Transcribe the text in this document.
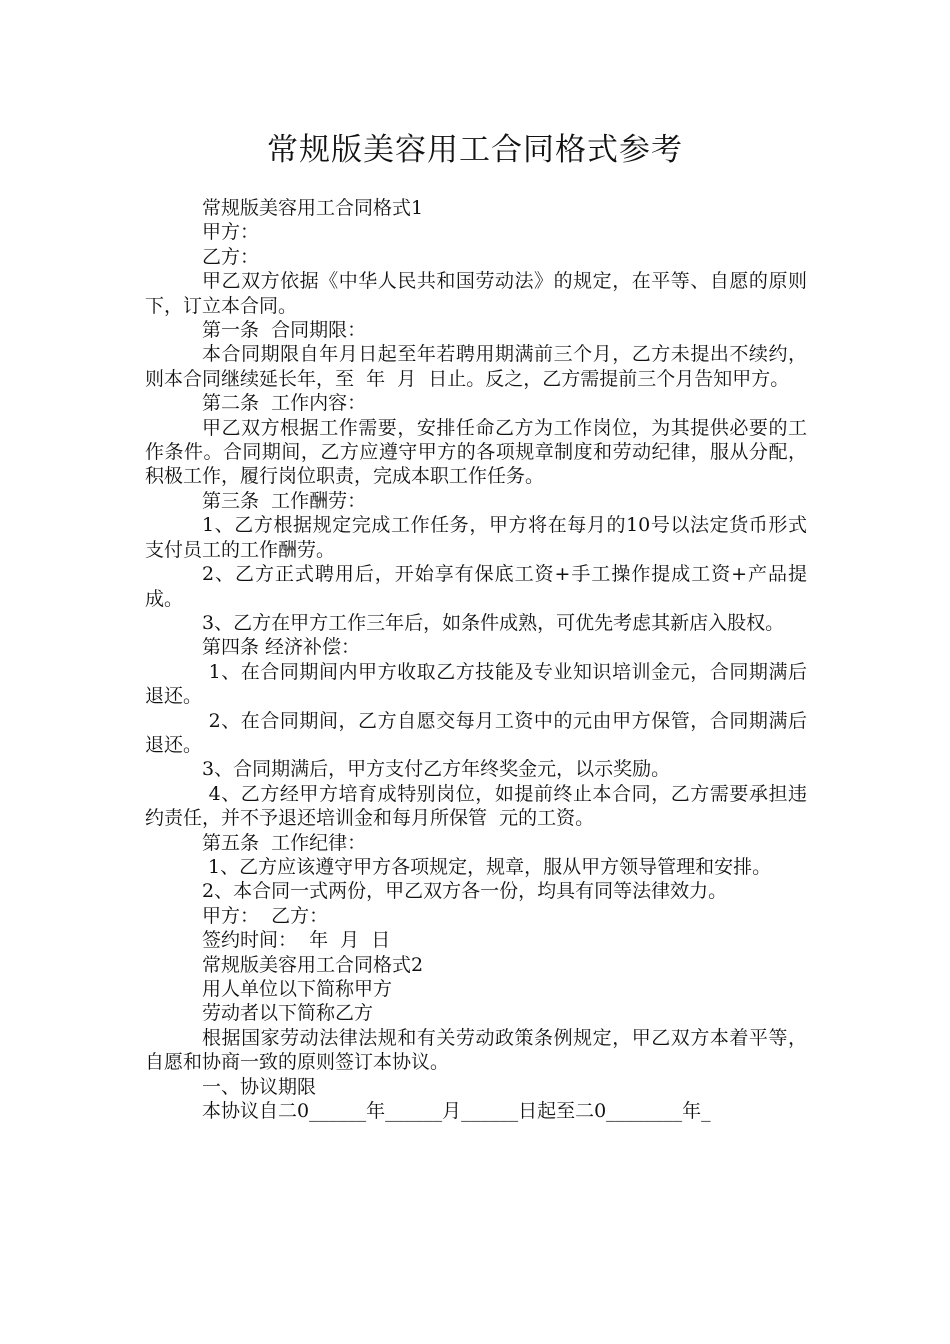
常规版美容用工合同格式参考

常规版美容用工合同格式1

甲方：

乙方：

甲乙双方依据《中华人民共和国劳动法》的规定，在平等、自愿的原则下，订立本合同。

第一条  合同期限：

本合同期限自年月日起至年若聘用期满前三个月，乙方未提出不续约，则本合同继续延长年，至  年  月  日止。反之，乙方需提前三个月告知甲方。

第二条  工作内容：

甲乙双方根据工作需要，安排任命乙方为工作岗位，为其提供必要的工作条件。合同期间，乙方应遵守甲方的各项规章制度和劳动纪律，服从分配，积极工作，履行岗位职责，完成本职工作任务。

第三条  工作酬劳：

1、乙方根据规定完成工作任务，甲方将在每月的10号以法定货币形式支付员工的工作酬劳。

2、乙方正式聘用后，开始享有保底工资+手工操作提成工资+产品提成。

3、乙方在甲方工作三年后，如条件成熟，可优先考虑其新店入股权。

第四条 经济补偿：

1、在合同期间内甲方收取乙方技能及专业知识培训金元，合同期满后退还。

2、在合同期间，乙方自愿交每月工资中的元由甲方保管，合同期满后退还。

3、合同期满后，甲方支付乙方年终奖金元，以示奖励。

4、乙方经甲方培育成特别岗位，如提前终止本合同，乙方需要承担违约责任，并不予退还培训金和每月所保管  元的工资。

第五条  工作纪律：

1、乙方应该遵守甲方各项规定，规章，服从甲方领导管理和安排。

2、本合同一式两份，甲乙双方各一份，均具有同等法律效力。

甲方：  乙方：

签约时间：  年  月  日

常规版美容用工合同格式2

用人单位以下简称甲方

劳动者以下简称乙方

根据国家劳动法律法规和有关劳动政策条例规定，甲乙双方本着平等，自愿和协商一致的原则签订本协议。

一、协议期限

本协议自二0______年______月______日起至二0________年_
